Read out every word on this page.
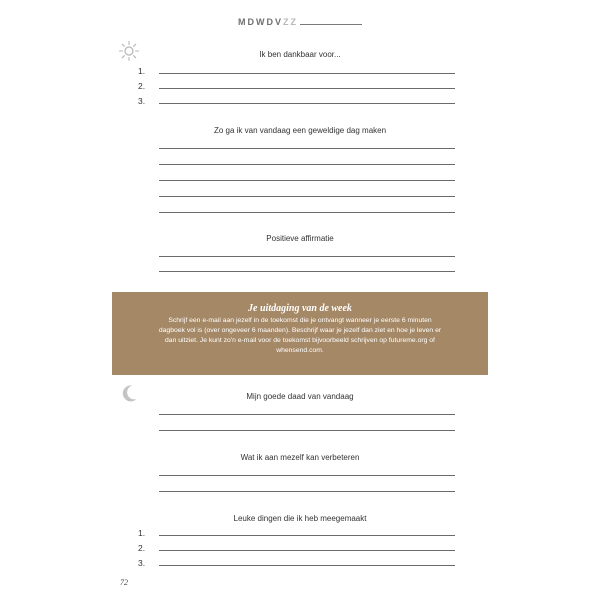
MDWDVZZ
Ik ben dankbaar voor...
1.
2.
3.
Zo ga ik van vandaag een geweldige dag maken
Positieve affirmatie
Je uitdaging van de week
Schrijf een e-mail aan jezelf in de toekomst die je ontvangt wanneer je eerste 6 minuten dagboek vol is (over ongeveer 6 maanden). Beschrijf waar je jezelf dan ziet en hoe je leven er dan uitziet. Je kunt zo'n e-mail voor de toekomst bijvoorbeeld schrijven op futureme.org of whensend.com.
Mijn goede daad van vandaag
Wat ik aan mezelf kan verbeteren
Leuke dingen die ik heb meegemaakt
1.
2.
3.
72
